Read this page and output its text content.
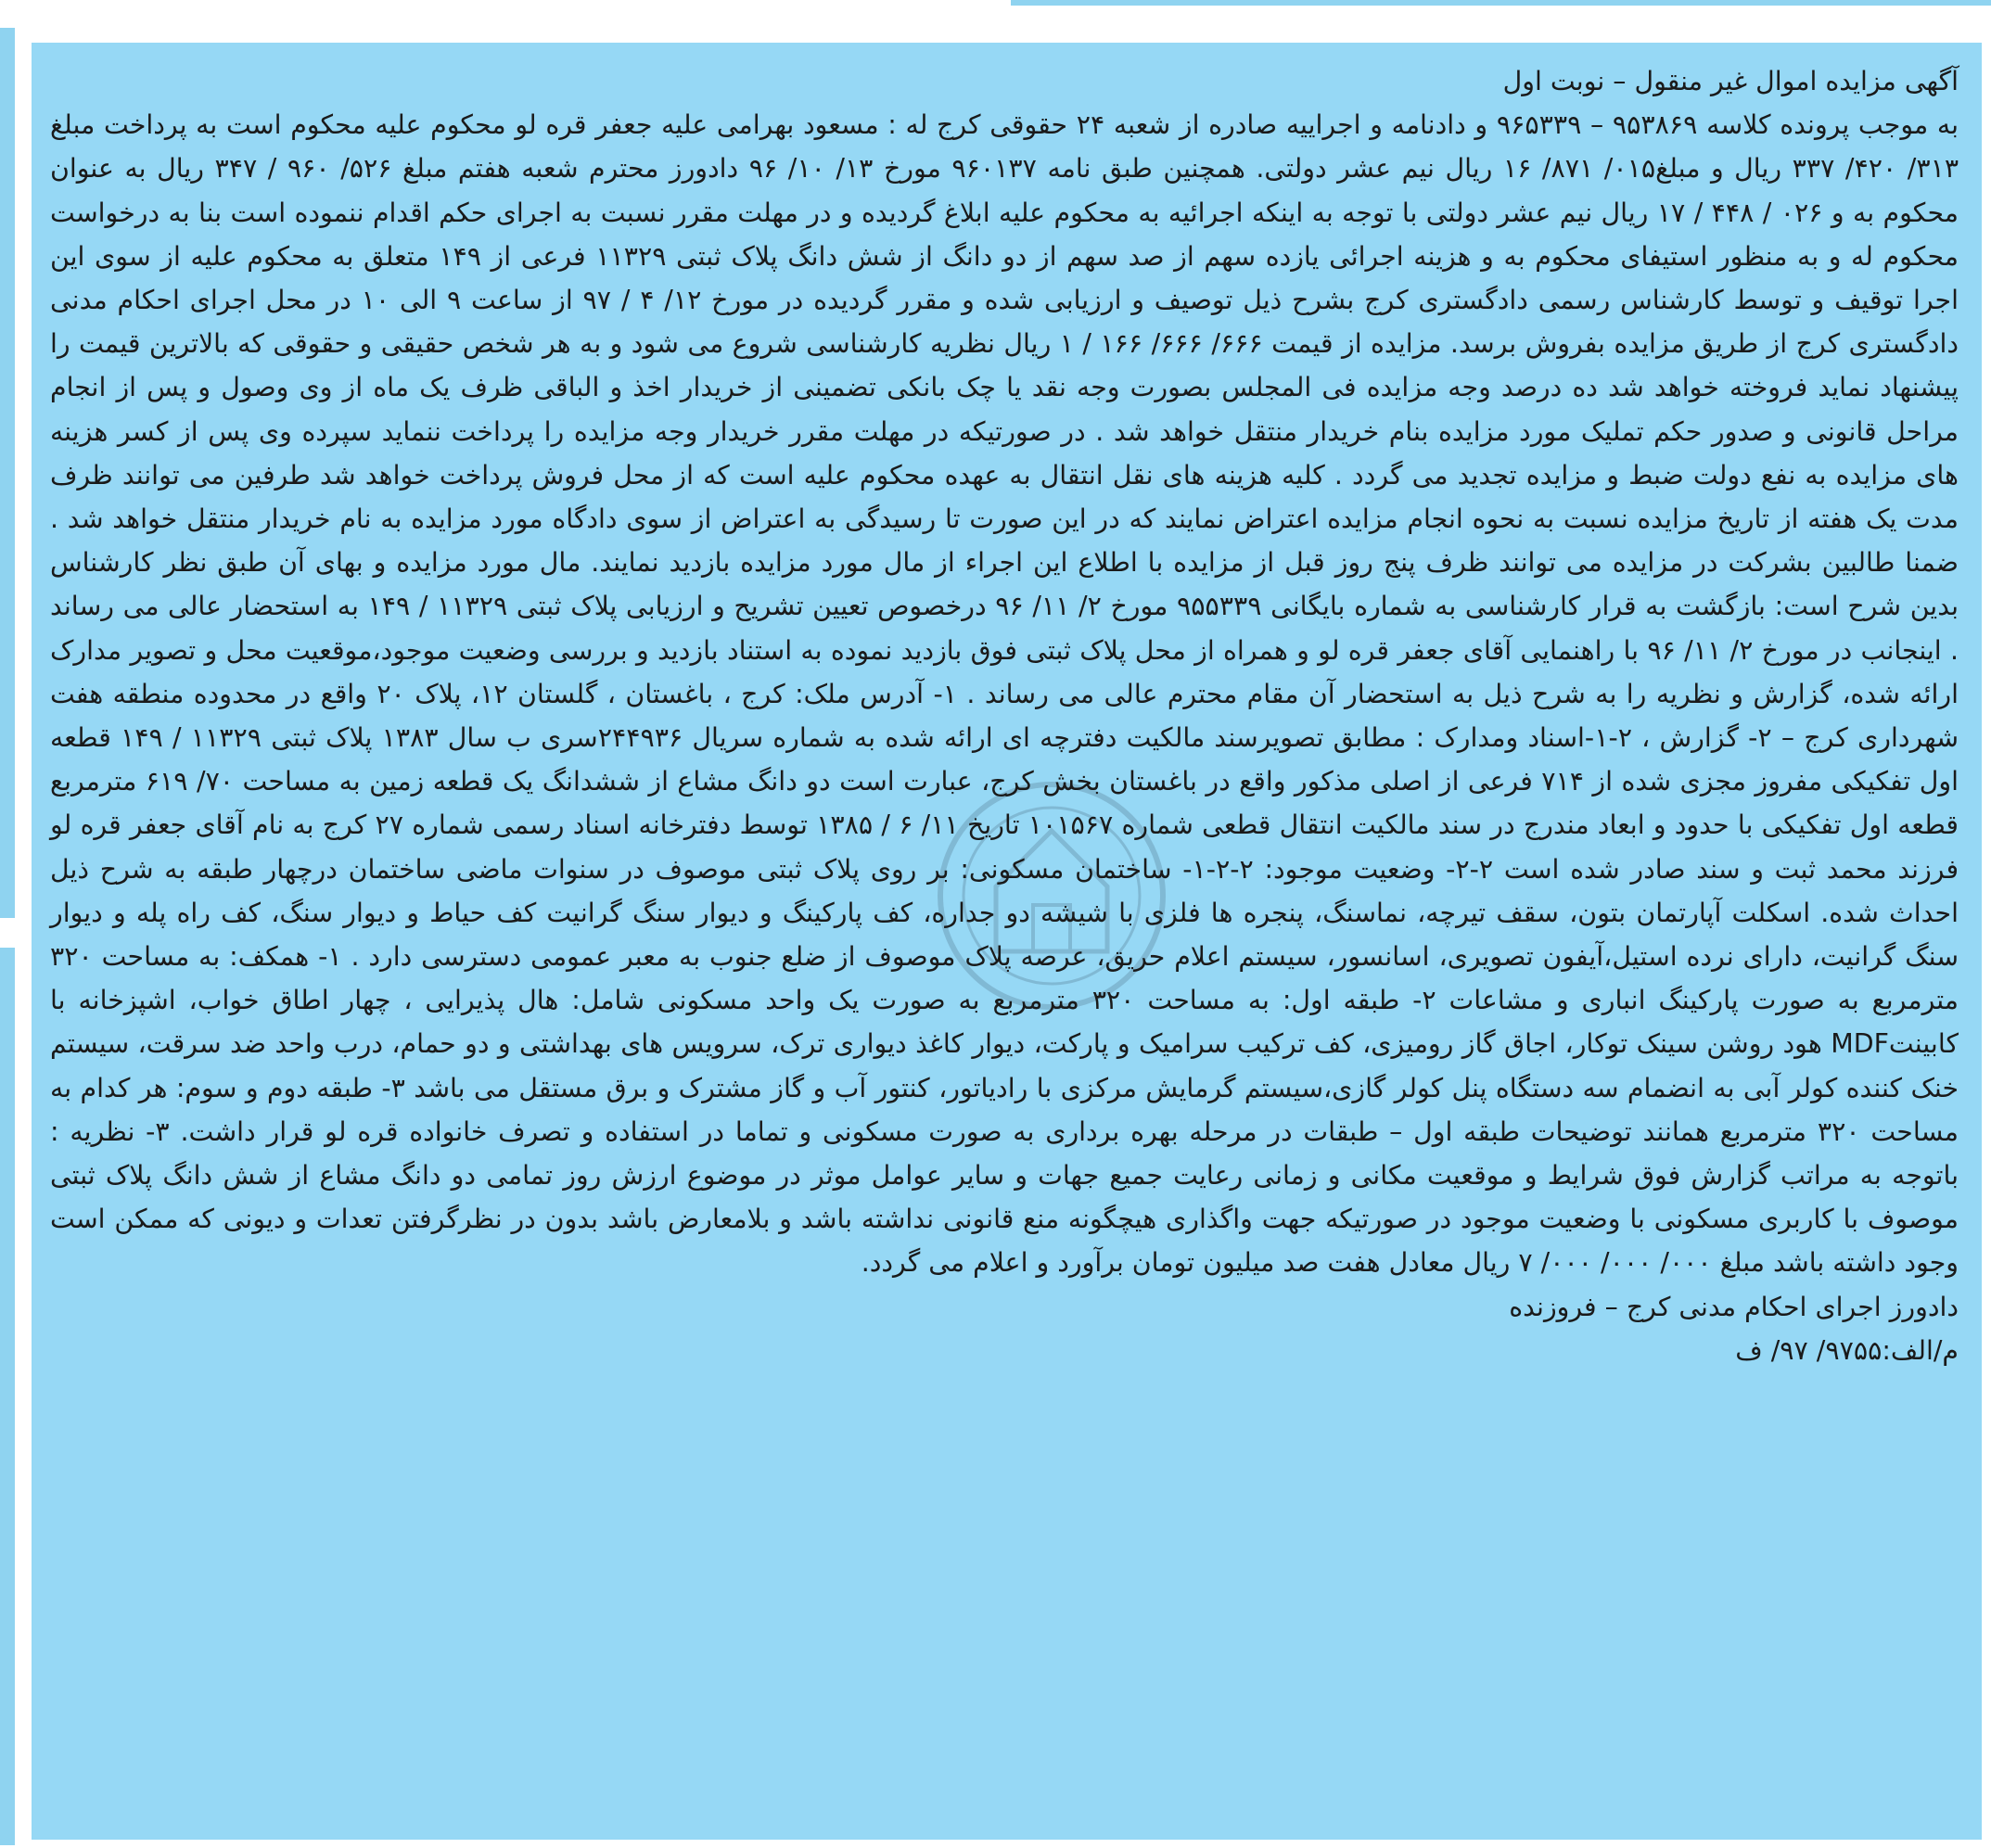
آگهی مزایده اموال غیر منقول – نوبت اول

به موجب پرونده کلاسه ۹۵۳۸۶۹ – ۹۶۵۳۳۹ و دادنامه و اجراییه صادره از شعبه ۲۴ حقوقی کرج له : مسعود بهرامی علیه جعفر قره لو محکوم علیه محکوم است به پرداخت مبلغ ۳۱۳/ ۴۲۰/ ۳۳۷ ریال و مبلغ۰۱۵/ ۸۷۱/ ۱۶ ریال نیم عشر دولتی. همچنین طبق نامه ۹۶۰۱۳۷ مورخ ۱۳/ ۱۰/ ۹۶ دادورز محترم شعبه هفتم مبلغ ۵۲۶/ ۹۶۰ / ۳۴۷ ریال به عنوان محکوم به و ۰۲۶ / ۴۴۸ / ۱۷ ریال نیم عشر دولتی با توجه به اینکه اجرائیه به محکوم علیه ابلاغ گردیده و در مهلت مقرر نسبت به اجرای حکم اقدام ننموده است بنا به درخواست محکوم له و به منظور استیفای محکوم به و هزینه اجرائی یازده سهم از صد سهم از دو دانگ از شش دانگ پلاک ثبتی ۱۱۳۲۹ فرعی از ۱۴۹ متعلق به محکوم علیه از سوی این اجرا توقیف و توسط کارشناس رسمی دادگستری کرج بشرح ذیل توصیف و ارزیابی شده و مقرر گردیده در مورخ ۱۲/ ۴ / ۹۷ از ساعت ۹ الی ۱۰ در محل اجرای احکام مدنی دادگستری کرج از طریق مزایده بفروش برسد. مزایده از قیمت ۶۶۶/ ۶۶۶/ ۱۶۶ / ۱ ریال نظریه کارشناسی شروع می شود و به هر شخص حقیقی و حقوقی که بالاترین قیمت را پیشنهاد نماید فروخته خواهد شد ده درصد وجه مزایده فی المجلس بصورت وجه نقد یا چک بانکی تضمینی از خریدار اخذ و الباقی ظرف یک ماه از وی وصول و پس از انجام مراحل قانونی و صدور حکم تملیک مورد مزایده بنام خریدار منتقل خواهد شد . در صورتیکه در مهلت مقرر خریدار وجه مزایده را پرداخت ننماید سپرده وی پس از کسر هزینه های مزایده به نفع دولت ضبط و مزایده تجدید می گردد . کلیه هزینه های نقل انتقال به عهده محکوم علیه است که از محل فروش پرداخت خواهد شد طرفین می توانند ظرف مدت یک هفته از تاریخ مزایده نسبت به نحوه انجام مزایده اعتراض نمایند که در این صورت تا رسیدگی به اعتراض از سوی دادگاه مورد مزایده به نام خریدار منتقل خواهد شد . ضمنا طالبین بشرکت در مزایده می توانند ظرف پنج روز قبل از مزایده با اطلاع این اجراء از مال مورد مزایده بازدید نمایند. مال مورد مزایده و بهای آن طبق نظر کارشناس بدین شرح است: بازگشت به قرار کارشناسی به شماره بایگانی ۹۵۵۳۳۹ مورخ ۲/ ۱۱/ ۹۶ درخصوص تعیین تشریح و ارزیابی پلاک ثبتی ۱۱۳۲۹ / ۱۴۹ به استحضار عالی می رساند . اینجانب در مورخ ۲/ ۱۱/ ۹۶ با راهنمایی آقای جعفر قره لو و همراه از محل پلاک ثبتی فوق بازدید نموده به استناد بازدید و بررسی وضعیت موجود،موقعیت محل و تصویر مدارک ارائه شده، گزارش و نظریه را به شرح ذیل به استحضار آن مقام محترم عالی می رساند . ۱- آدرس ملک: کرج ، باغستان ، گلستان ۱۲، پلاک ۲۰ واقع در محدوده منطقه هفت شهرداری کرج – ۲- گزارش ، ۲-۱-اسناد ومدارک : مطابق تصویرسند مالکیت دفترچه ای ارائه شده به شماره سریال ۲۴۴۹۳۶سری ب سال ۱۳۸۳ پلاک ثبتی ۱۱۳۲۹ / ۱۴۹ قطعه اول تفکیکی مفروز مجزی شده از ۷۱۴ فرعی از اصلی مذکور واقع در باغستان بخش کرج، عبارت است دو دانگ مشاع از ششدانگ یک قطعه زمین به مساحت ۷۰/ ۶۱۹ مترمربع قطعه اول تفکیکی با حدود و ابعاد مندرج در سند مالکیت انتقال قطعی شماره ۱۰۱۵۶۷ تاریخ ۱۱/ ۶ / ۱۳۸۵ توسط دفترخانه اسناد رسمی شماره ۲۷ کرج به نام آقای جعفر قره لو فرزند محمد ثبت و سند صادر شده است ۲-۲- وضعیت موجود: ۲-۲-۱- ساختمان مسکونی: بر روی پلاک ثبتی موصوف در سنوات ماضی ساختمان درچهار طبقه به شرح ذیل احداث شده. اسکلت آپارتمان بتون، سقف تیرچه، نماسنگ، پنجره ها فلزی با شیشه دو جداره، کف پارکینگ و دیوار سنگ گرانیت کف حیاط و دیوار سنگ، کف راه پله و دیوار سنگ گرانیت، دارای نرده استیل،آیفون تصویری، اسانسور، سیستم اعلام حریق، عرصه پلاک موصوف از ضلع جنوب به معبر عمومی دسترسی دارد . ۱- همکف: به مساحت ۳۲۰ مترمربع به صورت پارکینگ انباری و مشاعات ۲- طبقه اول: به مساحت ۳۲۰ مترمربع به صورت یک واحد مسکونی شامل: هال پذیرایی ، چهار اطاق خواب، اشپزخانه با کابینتMDF هود روشن سینک توکار، اجاق گاز رومیزی، کف ترکیب سرامیک و پارکت، دیوار کاغذ دیواری ترک، سرویس های بهداشتی و دو حمام، درب واحد ضد سرقت، سیستم خنک کننده کولر آبی به انضمام سه دستگاه پنل کولر گازی،سیستم گرمایش مرکزی با رادیاتور، کنتور آب و گاز مشترک و برق مستقل می باشد ۳- طبقه دوم و سوم: هر کدام به مساحت ۳۲۰ مترمربع همانند توضیحات طبقه اول – طبقات در مرحله بهره برداری به صورت مسکونی و تماما در استفاده و تصرف خانواده قره لو قرار داشت. ۳- نظریه : باتوجه به مراتب گزارش فوق شرایط و موقعیت مکانی و زمانی رعایت جمیع جهات و سایر عوامل موثر در موضوع ارزش روز تمامی دو دانگ مشاع از شش دانگ پلاک ثبتی موصوف با کاربری مسکونی با وضعیت موجود در صورتیکه جهت واگذاری هیچگونه منع قانونی نداشته باشد و بلامعارض باشد بدون در نظرگرفتن تعدات و دیونی که ممکن است وجود داشته باشد مبلغ ۰۰۰/ ۰۰۰/ ۰۰۰/ ۷ ریال معادل هفت صد میلیون تومان برآورد و اعلام می گردد.

دادورز اجرای احکام مدنی کرج – فروزنده

م/الف:۹۷۵۵/ ۹۷/ ف
